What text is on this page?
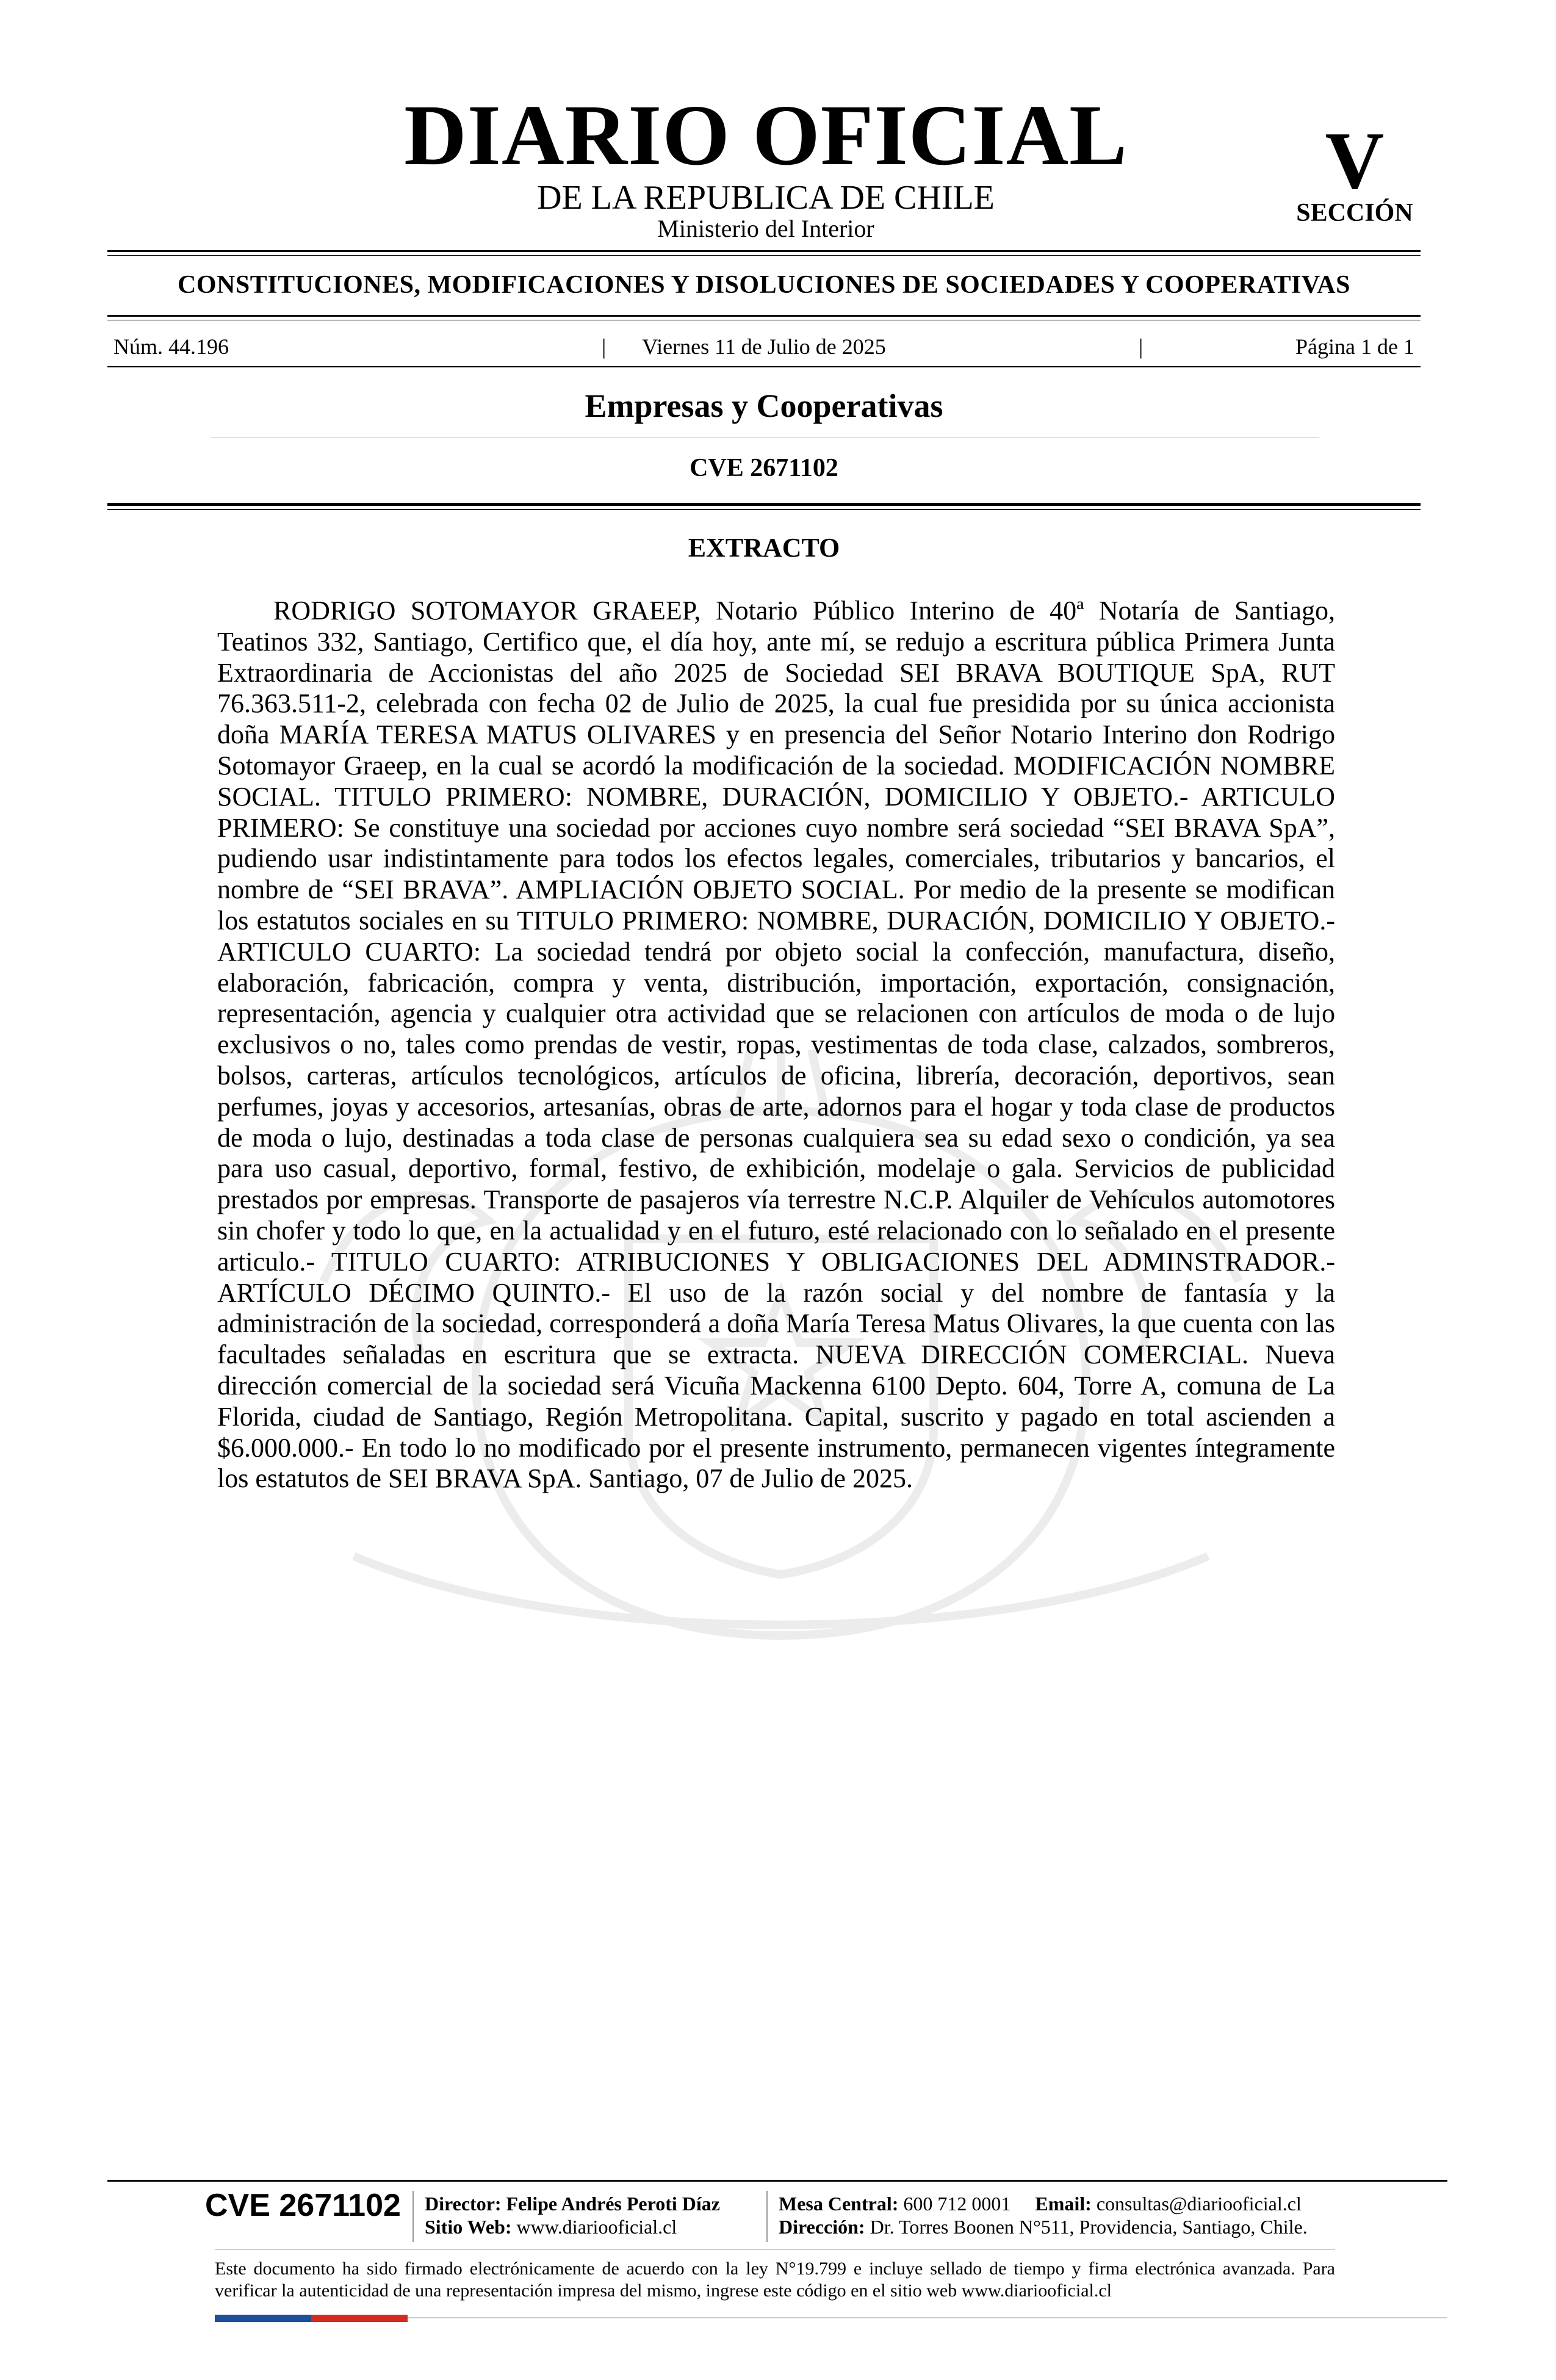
DIARIO OFICIAL
DE LA REPUBLICA DE CHILE
Ministerio del Interior
V
SECCIÓN
CONSTITUCIONES, MODIFICACIONES Y DISOLUCIONES DE SOCIEDADES Y COOPERATIVAS
Núm. 44.196	|	Viernes 11 de Julio de 2025	|	Página 1 de 1
Empresas y Cooperativas
CVE 2671102
EXTRACTO

RODRIGO SOTOMAYOR GRAEEP, Notario Público Interino de 40ª Notaría de Santiago, Teatinos 332, Santiago, Certifico que, el día hoy, ante mí, se redujo a escritura pública Primera Junta Extraordinaria de Accionistas del año 2025 de Sociedad SEI BRAVA BOUTIQUE SpA, RUT 76.363.511-2, celebrada con fecha 02 de Julio de 2025, la cual fue presidida por su única accionista doña MARÍA TERESA MATUS OLIVARES y en presencia del Señor Notario Interino don Rodrigo Sotomayor Graeep, en la cual se acordó la modificación de la sociedad. MODIFICACIÓN NOMBRE SOCIAL. TITULO PRIMERO: NOMBRE, DURACIÓN, DOMICILIO Y OBJETO.- ARTICULO PRIMERO: Se constituye una sociedad por acciones cuyo nombre será sociedad “SEI BRAVA SpA”, pudiendo usar indistintamente para todos los efectos legales, comerciales, tributarios y bancarios, el nombre de “SEI BRAVA”. AMPLIACIÓN OBJETO SOCIAL. Por medio de la presente se modifican los estatutos sociales en su TITULO PRIMERO: NOMBRE, DURACIÓN, DOMICILIO Y OBJETO.- ARTICULO CUARTO: La sociedad tendrá por objeto social la confección, manufactura, diseño, elaboración, fabricación, compra y venta, distribución, importación, exportación, consignación, representación, agencia y cualquier otra actividad que se relacionen con artículos de moda o de lujo exclusivos o no, tales como prendas de vestir, ropas, vestimentas de toda clase, calzados, sombreros, bolsos, carteras, artículos tecnológicos, artículos de oficina, librería, decoración, deportivos, sean perfumes, joyas y accesorios, artesanías, obras de arte, adornos para el hogar y toda clase de productos de moda o lujo, destinadas a toda clase de personas cualquiera sea su edad sexo o condición, ya sea para uso casual, deportivo, formal, festivo, de exhibición, modelaje o gala. Servicios de publicidad prestados por empresas. Transporte de pasajeros vía terrestre N.C.P. Alquiler de Vehículos automotores sin chofer y todo lo que, en la actualidad y en el futuro, esté relacionado con lo señalado en el presente articulo.- TITULO CUARTO: ATRIBUCIONES Y OBLIGACIONES DEL ADMINSTRADOR.- ARTÍCULO DÉCIMO QUINTO.- El uso de la razón social y del nombre de fantasía y la administración de la sociedad, corresponderá a doña María Teresa Matus Olivares, la que cuenta con las facultades señaladas en escritura que se extracta. NUEVA DIRECCIÓN COMERCIAL. Nueva dirección comercial de la sociedad será Vicuña Mackenna 6100 Depto. 604, Torre A, comuna de La Florida, ciudad de Santiago, Región Metropolitana. Capital, suscrito y pagado en total ascienden a $6.000.000.- En todo lo no modificado por el presente instrumento, permanecen vigentes íntegramente los estatutos de SEI BRAVA SpA. Santiago, 07 de Julio de 2025.

CVE 2671102 Director: Felipe Andrés Peroti Díaz
Sitio Web: www.diariooficial.cl
Mesa Central: 600 712 0001 Email: consultas@diariooficial.cl
Dirección: Dr. Torres Boonen N°511, Providencia, Santiago, Chile.

Este documento ha sido firmado electrónicamente de acuerdo con la ley N°19.799 e incluye sellado de tiempo y firma electrónica avanzada. Para verificar la autenticidad de una representación impresa del mismo, ingrese este código en el sitio web www.diariooficial.cl
